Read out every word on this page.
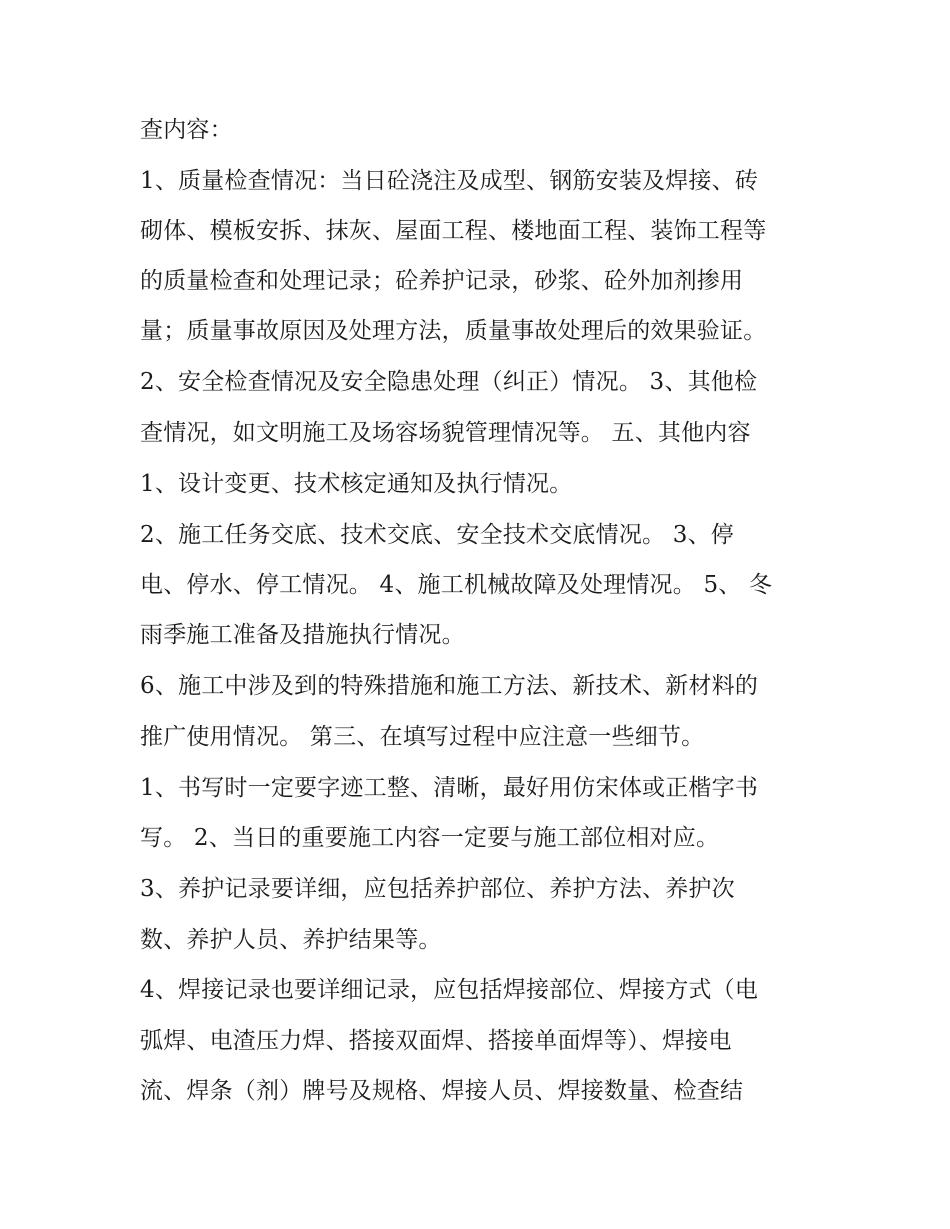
查内容：
1、质量检查情况：当日砼浇注及成型、钢筋安装及焊接、砖
砌体、模板安拆、抹灰、屋面工程、楼地面工程、装饰工程等
的质量检查和处理记录；砼养护记录，砂浆、砼外加剂掺用
量；质量事故原因及处理方法，质量事故处理后的效果验证。
2、安全检查情况及安全隐患处理（纠正）情况。 3、其他检
查情况，如文明施工及场容场貌管理情况等。 五、其他内容
1、设计变更、技术核定通知及执行情况。
2、施工任务交底、技术交底、安全技术交底情况。 3、停
电、停水、停工情况。 4、施工机械故障及处理情况。 5、 冬
雨季施工准备及措施执行情况。
6、施工中涉及到的特殊措施和施工方法、新技术、新材料的
推广使用情况。 第三、在填写过程中应注意一些细节。
1、书写时一定要字迹工整、清晰，最好用仿宋体或正楷字书
写。 2、当日的重要施工内容一定要与施工部位相对应。
3、养护记录要详细，应包括养护部位、养护方法、养护次
数、养护人员、养护结果等。
4、焊接记录也要详细记录，应包括焊接部位、焊接方式（电
弧焊、电渣压力焊、搭接双面焊、搭接单面焊等）、焊接电
流、焊条（剂）牌号及规格、焊接人员、焊接数量、检查结
